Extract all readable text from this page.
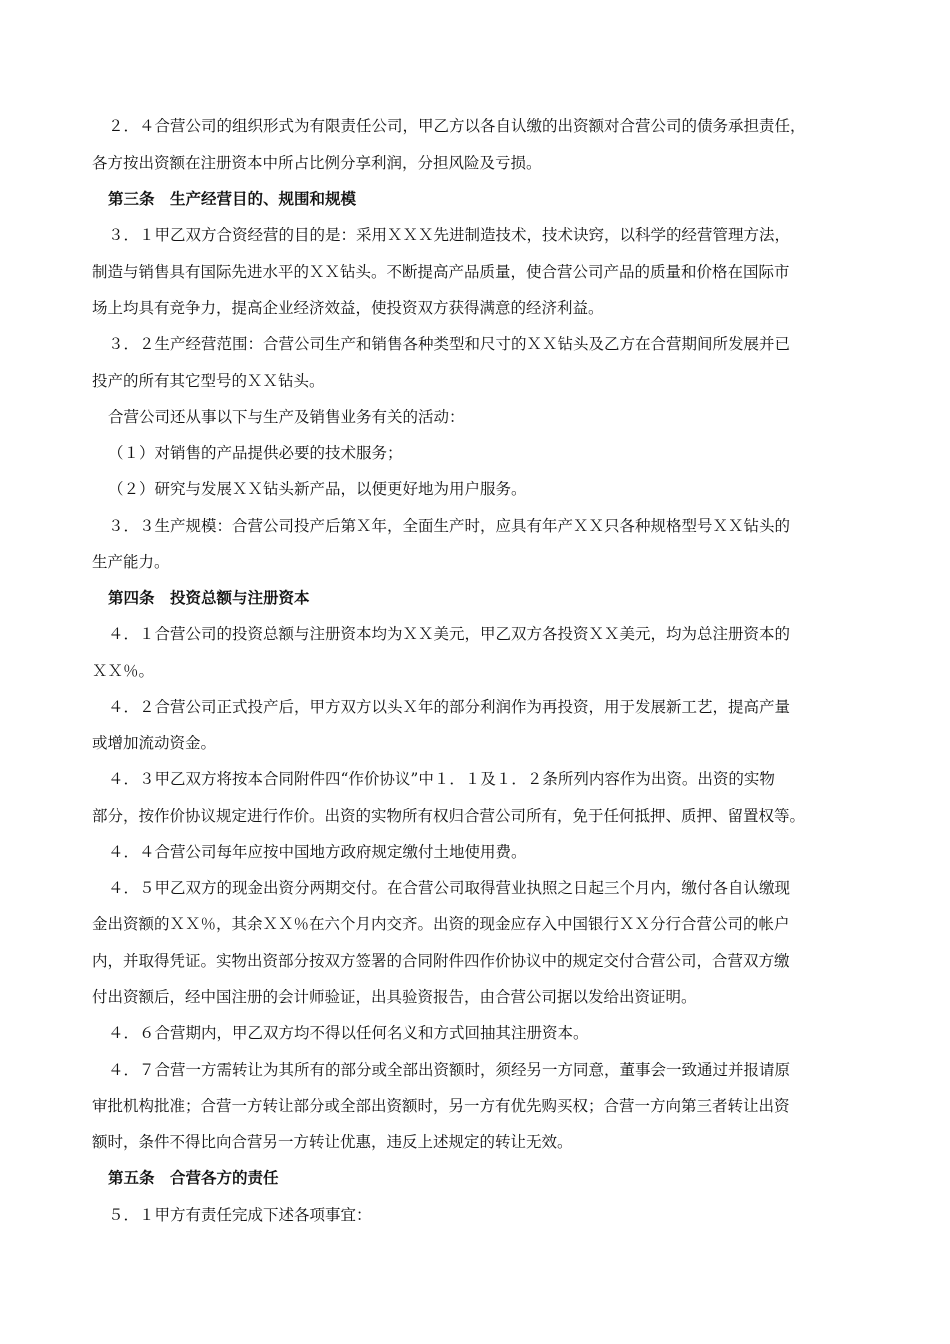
２．４合营公司的组织形式为有限责任公司，甲乙方以各自认缴的出资额对合营公司的债务承担责任，
各方按出资额在注册资本中所占比例分享利润，分担风险及亏损。
第三条　生产经营目的、规围和规模
３．１甲乙双方合资经营的目的是：采用ＸＸＸ先进制造技术，技术诀窍，以科学的经营管理方法，
制造与销售具有国际先进水平的ＸＸ钻头。不断提高产品质量，使合营公司产品的质量和价格在国际市
场上均具有竞争力，提高企业经济效益，使投资双方获得满意的经济利益。
３．２生产经营范围：合营公司生产和销售各种类型和尺寸的ＸＸ钻头及乙方在合营期间所发展并已
投产的所有其它型号的ＸＸ钻头。
合营公司还从事以下与生产及销售业务有关的活动：
（１）对销售的产品提供必要的技术服务；
（２）研究与发展ＸＸ钻头新产品，以便更好地为用户服务。
３．３生产规模：合营公司投产后第Ｘ年，全面生产时，应具有年产ＸＸ只各种规格型号ＸＸ钻头的
生产能力。
第四条　投资总额与注册资本
４．１合营公司的投资总额与注册资本均为ＸＸ美元，甲乙双方各投资ＸＸ美元，均为总注册资本的
ＸＸ％。
４．２合营公司正式投产后，甲方双方以头Ｘ年的部分利润作为再投资，用于发展新工艺，提高产量
或增加流动资金。
４．３甲乙双方将按本合同附件四“作价协议”中１．１及１．２条所列内容作为出资。出资的实物
部分，按作价协议规定进行作价。出资的实物所有权归合营公司所有，免于任何抵押、质押、留置权等。
４．４合营公司每年应按中国地方政府规定缴付土地使用费。
４．５甲乙双方的现金出资分两期交付。在合营公司取得营业执照之日起三个月内，缴付各自认缴现
金出资额的ＸＸ％，其余ＸＸ％在六个月内交齐。出资的现金应存入中国银行ＸＸ分行合营公司的帐户
内，并取得凭证。实物出资部分按双方签署的合同附件四作价协议中的规定交付合营公司，合营双方缴
付出资额后，经中国注册的会计师验证，出具验资报告，由合营公司据以发给出资证明。
４．６合营期内，甲乙双方均不得以任何名义和方式回抽其注册资本。
４．７合营一方需转让为其所有的部分或全部出资额时，须经另一方同意，董事会一致通过并报请原
审批机构批准；合营一方转让部分或全部出资额时，另一方有优先购买权；合营一方向第三者转让出资
额时，条件不得比向合营另一方转让优惠，违反上述规定的转让无效。
第五条　合营各方的责任
５．１甲方有责任完成下述各项事宜：
